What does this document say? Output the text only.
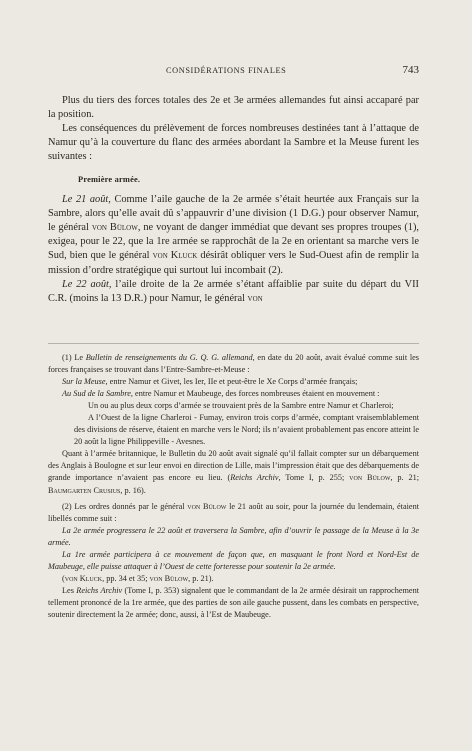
CONSIDÉRATIONS FINALES	743

Plus du tiers des forces totales des 2e et 3e armées allemandes fut ainsi accaparé par la position.

Les conséquences du prélèvement de forces nombreuses destinées tant à l’attaque de Namur qu’à la couverture du flanc des armées abordant la Sambre et la Meuse furent les suivantes :

Première armée.

Le 21 août, Comme l’aile gauche de la 2e armée s’était heurtée aux Français sur la Sambre, alors qu’elle avait dû s’appauvrir d’une division (1 D.G.) pour observer Namur, le général von Bülow, ne voyant de danger immédiat que devant ses propres troupes (1), exigea, pour le 22, que la 1re armée se rapprochât de la 2e en orientant sa marche vers le Sud, bien que le général von Kluck désirât obliquer vers le Sud-Ouest afin de remplir la mission d’ordre stratégique qui surtout lui incombait (2).

Le 22 août, l’aile droite de la 2e armée s’étant affaiblie par suite du départ du VII C.R. (moins la 13 D.R.) pour Namur, le général von

(1) Le Bulletin de renseignements du G. Q. G. allemand, en date du 20 août, avait évalué comme suit les forces françaises se trouvant dans l’Entre-Sambre-et-Meuse :

Sur la Meuse, entre Namur et Givet, les Ier, IIe et peut-être le Xe Corps d’armée français;

Au Sud de la Sambre, entre Namur et Maubeuge, des forces nombreuses étaient en mouvement :

Un ou au plus deux corps d’armée se trouvaient près de la Sambre entre Namur et Charleroi;

A l’Ouest de la ligne Charleroi - Fumay, environ trois corps d’armée, comptant vraisemblablement des divisions de réserve, étaient en marche vers le Nord; ils n’avaient probablement pas encore atteint le 20 août la ligne Philippeville - Avesnes.

Quant à l’armée britannique, le Bulletin du 20 août avait signalé qu’il fallait compter sur un débarquement des Anglais à Boulogne et sur leur envoi en direction de Lille, mais l’impression était que des débarquements de grande importance n’avaient pas encore eu lieu. (Reichs Archiv, Tome I, p. 255; von Bülow, p. 21; Baumgarten Crusius, p. 16).

(2) Les ordres donnés par le général von Bülow le 21 août au soir, pour la journée du lendemain, étaient libellés comme suit :

La 2e armée progressera le 22 août et traversera la Sambre, afin d’ouvrir le passage de la Meuse à la 3e armée.

La 1re armée participera à ce mouvement de façon que, en masquant le front Nord et Nord-Est de Maubeuge, elle puisse attaquer à l’Ouest de cette forteresse pour soutenir la 2e armée.

(von Kluck, pp. 34 et 35; von Bülow, p. 21).

Les Reichs Archiv (Tome I, p. 353) signalent que le commandant de la 2e armée désirait un rapprochement tellement prononcé de la 1re armée, que des parties de son aile gauche pussent, dans les combats en perspective, soutenir directement la 2e armée; donc, aussi, à l’Est de Maubeuge.
